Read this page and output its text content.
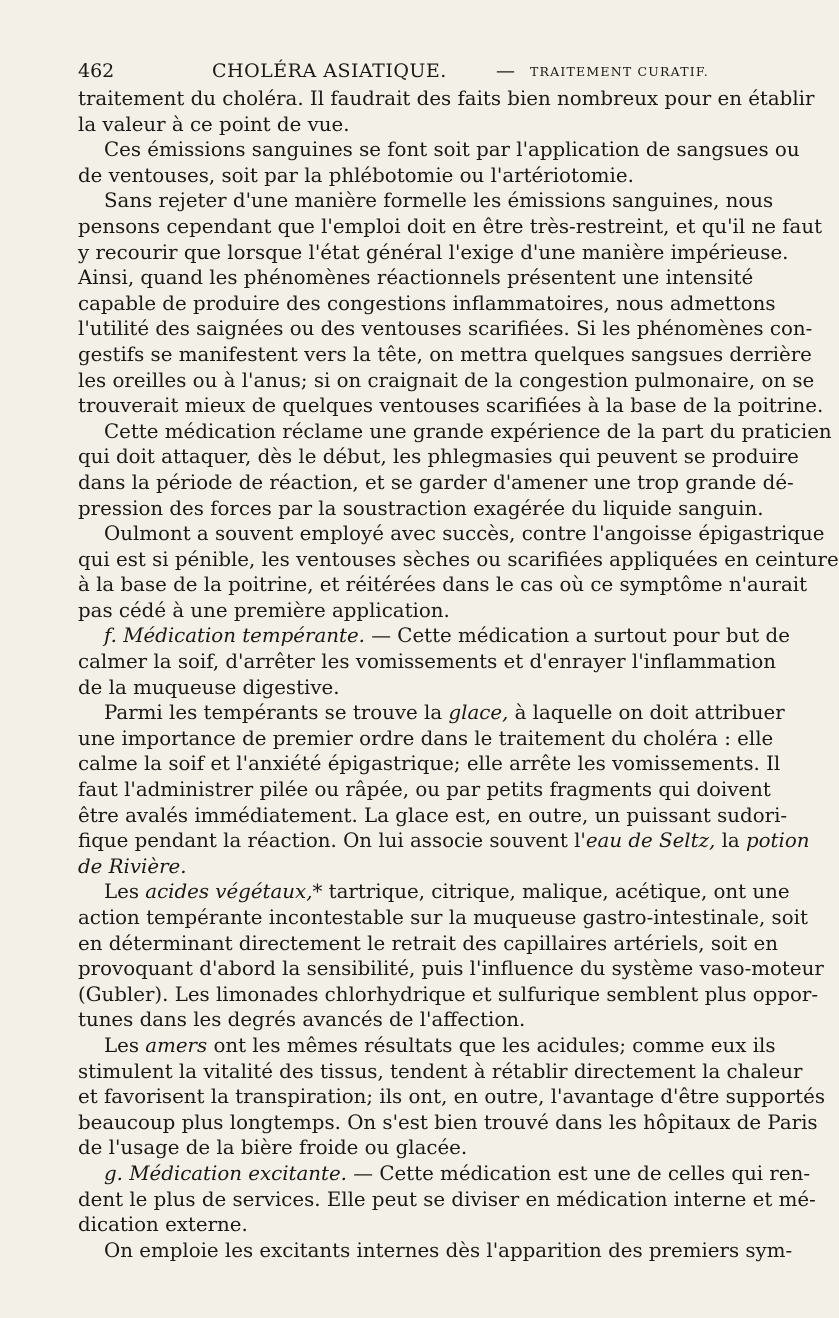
462	CHOLÉRA ASIATIQUE.	— TRAITEMENT CURATIF.
traitement du choléra. Il faudrait des faits bien nombreux pour en établir
la valeur à ce point de vue.
Ces émissions sanguines se font soit par l'application de sangsues ou
de ventouses, soit par la phlébotomie ou l'artériotomie.
Sans rejeter d'une manière formelle les émissions sanguines, nous
pensons cependant que l'emploi doit en être très-restreint, et qu'il ne faut
y recourir que lorsque l'état général l'exige d'une manière impérieuse.
Ainsi, quand les phénomènes réactionnels présentent une intensité
capable de produire des congestions inflammatoires, nous admettons
l'utilité des saignées ou des ventouses scarifiées. Si les phénomènes con-
gestifs se manifestent vers la tête, on mettra quelques sangsues derrière
les oreilles ou à l'anus; si on craignait de la congestion pulmonaire, on se
trouverait mieux de quelques ventouses scarifiées à la base de la poitrine.
Cette médication réclame une grande expérience de la part du praticien
qui doit attaquer, dès le début, les phlegmasies qui peuvent se produire
dans la période de réaction, et se garder d'amener une trop grande dé-
pression des forces par la soustraction exagérée du liquide sanguin.
Oulmont a souvent employé avec succès, contre l'angoisse épigastrique
qui est si pénible, les ventouses sèches ou scarifiées appliquées en ceinture
à la base de la poitrine, et réitérées dans le cas où ce symptôme n'aurait
pas cédé à une première application.
f. Médication tempérante. — Cette médication a surtout pour but de
calmer la soif, d'arrêter les vomissements et d'enrayer l'inflammation
de la muqueuse digestive.
Parmi les tempérants se trouve la glace, à laquelle on doit attribuer
une importance de premier ordre dans le traitement du choléra : elle
calme la soif et l'anxiété épigastrique; elle arrête les vomissements. Il
faut l'administrer pilée ou râpée, ou par petits fragments qui doivent
être avalés immédiatement. La glace est, en outre, un puissant sudori-
fique pendant la réaction. On lui associe souvent l'eau de Seltz, la potion
de Rivière.
Les acides végétaux,* tartrique, citrique, malique, acétique, ont une
action tempérante incontestable sur la muqueuse gastro-intestinale, soit
en déterminant directement le retrait des capillaires artériels, soit en
provoquant d'abord la sensibilité, puis l'influence du système vaso-moteur
(Gubler). Les limonades chlorhydrique et sulfurique semblent plus oppor-
tunes dans les degrés avancés de l'affection.
Les amers ont les mêmes résultats que les acidules; comme eux ils
stimulent la vitalité des tissus, tendent à rétablir directement la chaleur
et favorisent la transpiration; ils ont, en outre, l'avantage d'être supportés
beaucoup plus longtemps. On s'est bien trouvé dans les hôpitaux de Paris
de l'usage de la bière froide ou glacée.
g. Médication excitante. — Cette médication est une de celles qui ren-
dent le plus de services. Elle peut se diviser en médication interne et mé-
dication externe.
On emploie les excitants internes dès l'apparition des premiers sym-
